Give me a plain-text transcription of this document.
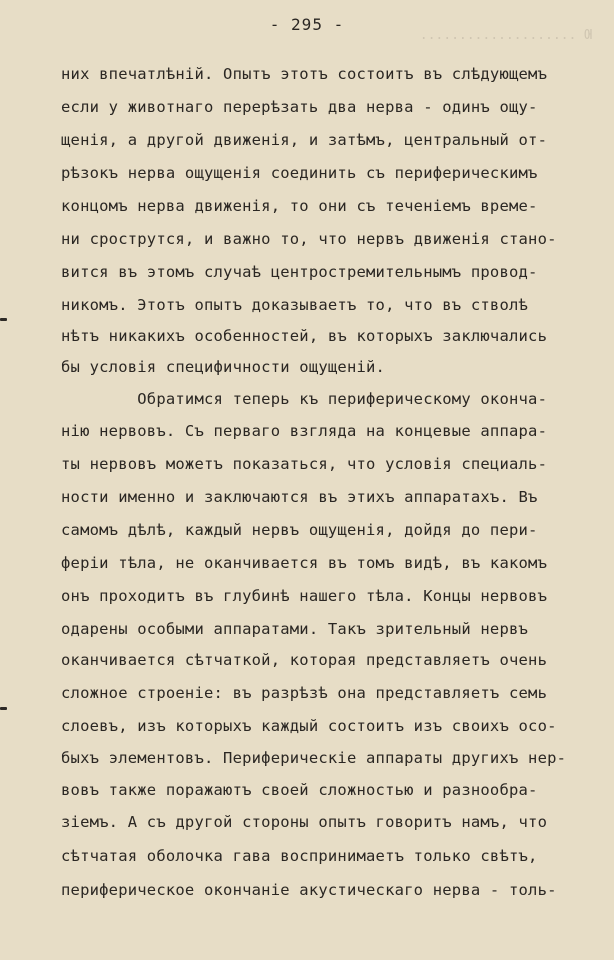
Ю ....................
- 295 -
них впечатлѣнiй. Опытъ этотъ состоитъ въ слѣдующемъ
если у животнаго перерѣзать два нерва - одинъ ощу-
щенія, а другой движенія, и затѣмъ, центральный от-
рѣзокъ нерва ощущенія соединить съ периферическимъ
концомъ нерва движенія, то они съ теченіемъ време-
ни срострутся, и важно то, что нервъ движенія стано-
вится въ этомъ случаѣ центростремительнымъ провод-
никомъ. Этотъ опытъ доказываетъ то, что въ стволѣ
нѣтъ никакихъ особенностей, въ которыхъ заключались
бы условія специфичности ощущеній.
Обратимся теперь къ периферическому оконча-
нію нервовъ. Съ перваго взгляда на концевые аппара-
ты нервовъ можетъ показаться, что условія специаль-
ности именно и заключаются въ этихъ аппаратахъ. Въ
самомъ дѣлѣ, каждый нервъ ощущенія, дойдя до пери-
феріи тѣла, не оканчивается въ томъ видѣ, въ какомъ
онъ проходитъ въ глубинѣ нашего тѣла. Концы нервовъ
одарены особыми аппаратами. Такъ зрительный нервъ
оканчивается сѣтчаткой, которая представляетъ очень
сложное строеніе: въ разрѣзѣ она представляетъ семь
слоевъ, изъ которыхъ каждый состоитъ изъ своихъ осо-
быхъ элементовъ. Периферическіе аппараты другихъ нер-
вовъ также поражаютъ своей сложностью и разнообра-
зіемъ. А съ другой стороны опытъ говоритъ намъ, что
сѣтчатая оболочка гава воспринимаетъ только свѣтъ,
периферическое окончаніе акустическаго нерва - толь-
